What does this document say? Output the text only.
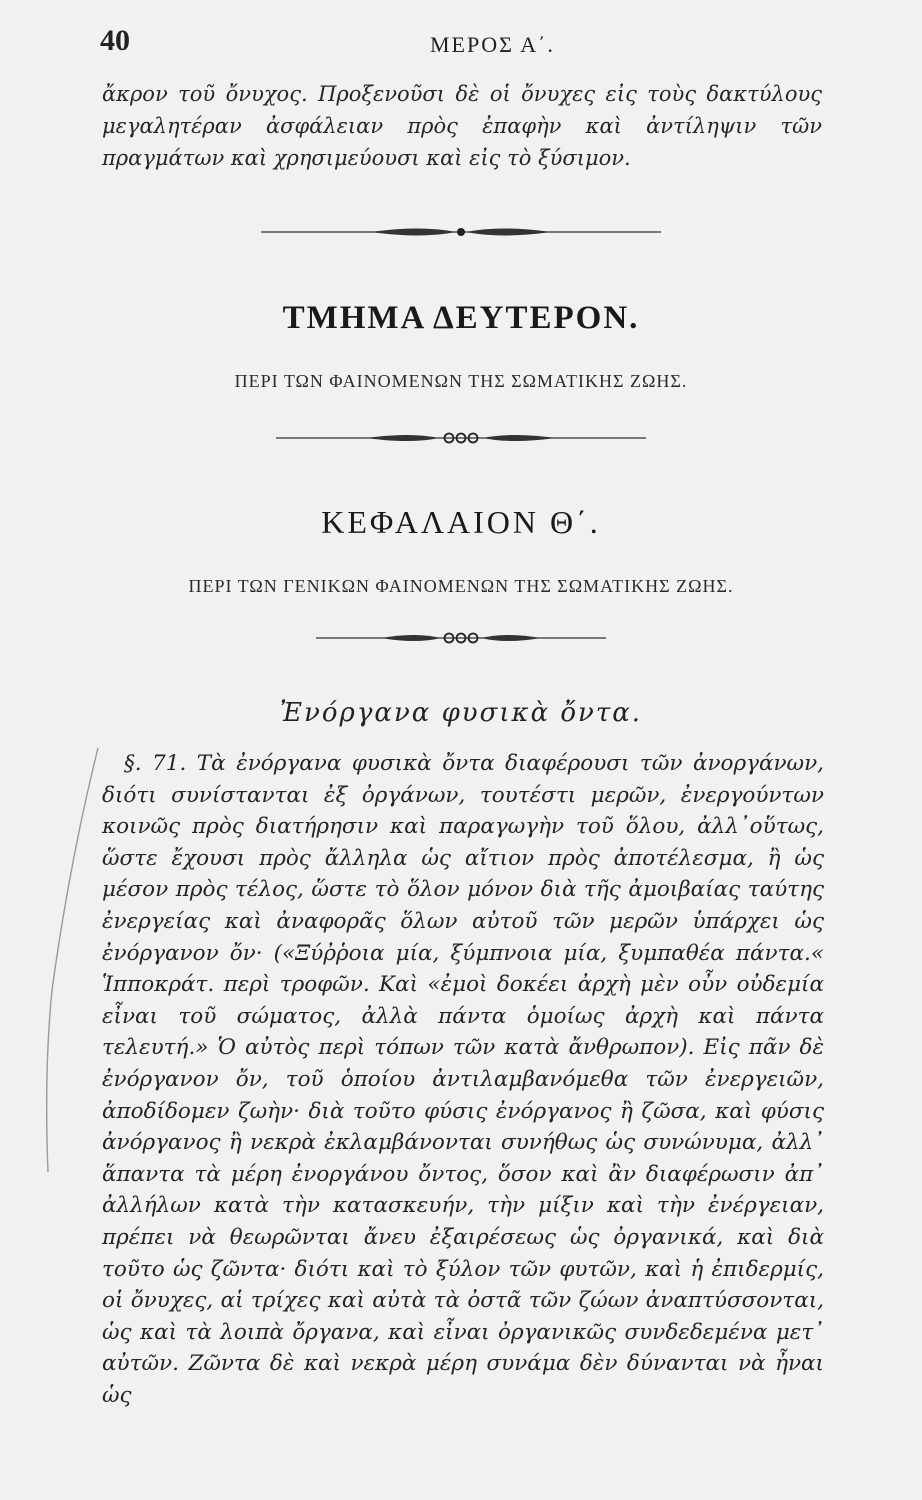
40	ΜΕΡΟΣ Α΄.

ἄκρον τοῦ ὄνυχος. Προξενοῦσι δὲ οἱ ὄνυχες εἰς τοὺς δακτύλους μεγαλητέραν ἀσφάλειαν πρὸς ἐπαφὴν καὶ ἀντίληψιν τῶν πραγμάτων καὶ χρησιμεύουσι καὶ εἰς τὸ ξύσιμον.

ΤΜΗΜΑ ΔΕΥΤΕΡΟΝ.
ΠΕΡΙ ΤΩΝ ΦΑΙΝΟΜΕΝΩΝ ΤΗΣ ΣΩΜΑΤΙΚΗΣ ΖΩΗΣ.
ΚΕΦΑΛΑΙΟΝ Θ΄.
ΠΕΡΙ ΤΩΝ ΓΕΝΙΚΩΝ ΦΑΙΝΟΜΕΝΩΝ ΤΗΣ ΣΩΜΑΤΙΚΗΣ ΖΩΗΣ.
Ἐνόργανα φυσικὰ ὄντα.

§. 71. Τὰ ἐνόργανα φυσικὰ ὄντα διαφέρουσι τῶν ἀνοργάνων, διότι συνίστανται ἐξ ὀργάνων, τουτέστι μερῶν, ἐνεργούντων κοινῶς πρὸς διατήρησιν καὶ παραγωγὴν τοῦ ὅλου, ἀλλ᾽οὕτως, ὥστε ἔχουσι πρὸς ἄλληλα ὡς αἴτιον πρὸς ἀποτέλεσμα, ἢ ὡς μέσον πρὸς τέλος, ὥστε τὸ ὅλον μόνον διὰ τῆς ἀμοιβαίας ταύτης ἐνεργείας καὶ ἀναφορᾶς ὅλων αὐτοῦ τῶν μερῶν ὑπάρχει ὡς ἐνόργανον ὄν· («Ξύῤῥοια μία, ξύμπνοια μία, ξυμπαθέα πάντα.« Ἱπποκράτ. περὶ τροφῶν. Καὶ «ἐμοὶ δοκέει ἀρχὴ μὲν οὖν οὐδεμία εἶναι τοῦ σώματος, ἀλλὰ πάντα ὁμοίως ἀρχὴ καὶ πάντα τελευτή.» Ὁ αὐτὸς περὶ τόπων τῶν κατὰ ἄνθρωπον). Εἰς πᾶν δὲ ἐνόργανον ὄν, τοῦ ὁποίου ἀντιλαμβανόμεθα τῶν ἐνεργειῶν, ἀποδίδομεν ζωὴν· διὰ τοῦτο φύσις ἐνόργανος ἢ ζῶσα, καὶ φύσις ἀνόργανος ἢ νεκρὰ ἐκλαμβάνονται συνήθως ὡς συνώνυμα, ἀλλ᾽ ἅπαντα τὰ μέρη ἐνοργάνου ὄντος, ὅσον καὶ ἂν διαφέρωσιν ἀπ᾽ ἀλλήλων κατὰ τὴν κατασκευήν, τὴν μίξιν καὶ τὴν ἐνέργειαν, πρέπει νὰ θεωρῶνται ἄνευ ἐξαιρέσεως ὡς ὀργανικά, καὶ διὰ τοῦτο ὡς ζῶντα· διότι καὶ τὸ ξύλον τῶν φυτῶν, καὶ ἡ ἐπιδερμίς, οἱ ὄνυχες, αἱ τρίχες καὶ αὐτὰ τὰ ὀστᾶ τῶν ζώων ἀναπτύσσονται, ὡς καὶ τὰ λοιπὰ ὄργανα, καὶ εἶναι ὀργανικῶς συνδεδεμένα μετ᾽ αὐτῶν. Ζῶντα δὲ καὶ νεκρὰ μέρη συνάμα δὲν δύνανται νὰ ἦναι ὡς
